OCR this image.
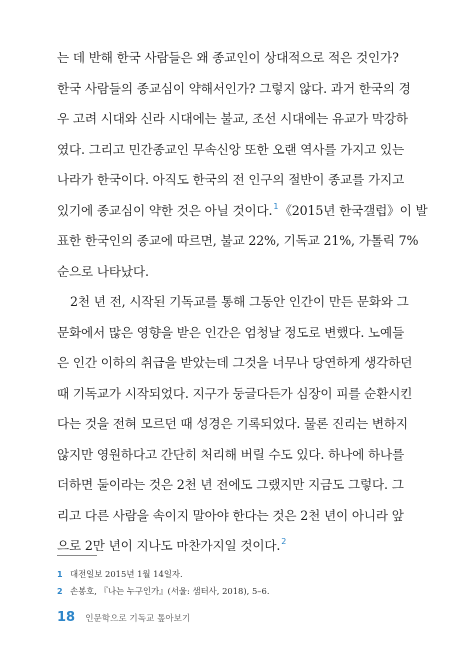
는 데 반해 한국 사람들은 왜 종교인이 상대적으로 적은 것인가?
한국 사람들의 종교심이 약해서인가? 그렇지 않다. 과거 한국의 경
우 고려 시대와 신라 시대에는 불교, 조선 시대에는 유교가 막강하
였다. 그리고 민간종교인 무속신앙 또한 오랜 역사를 가지고 있는
나라가 한국이다. 아직도 한국의 전 인구의 절반이 종교를 가지고
있기에 종교심이 약한 것은 아닐 것이다.$^1$《2015년 한국갤럽》이 발
표한 한국인의 종교에 따르면, 불교 22%, 기독교 21%, 가톨릭 7%
순으로 나타났다.
2천 년 전, 시작된 기독교를 통해 그동안 인간이 만든 문화와 그
문화에서 많은 영향을 받은 인간은 엄청날 정도로 변했다. 노예들
은 인간 이하의 취급을 받았는데 그것을 너무나 당연하게 생각하던
때 기독교가 시작되었다. 지구가 둥글다든가 심장이 피를 순환시킨
다는 것을 전혀 모르던 때 성경은 기록되었다. 물론 진리는 변하지
않지만 영원하다고 간단히 처리해 버릴 수도 있다. 하나에 하나를
더하면 둘이라는 것은 2천 년 전에도 그랬지만 지금도 그렇다. 그
리고 다른 사람을 속이지 말아야 한다는 것은 2천 년이 아니라 앞
으로 2만 년이 지나도 마찬가지일 것이다.$^2$
1 대전일보 2015년 1월 14일자.
2 손봉호, 『나는 누구인가』(서울: 샘터사, 2018), 5–6.
18 인문학으로 기독교 톺아보기
